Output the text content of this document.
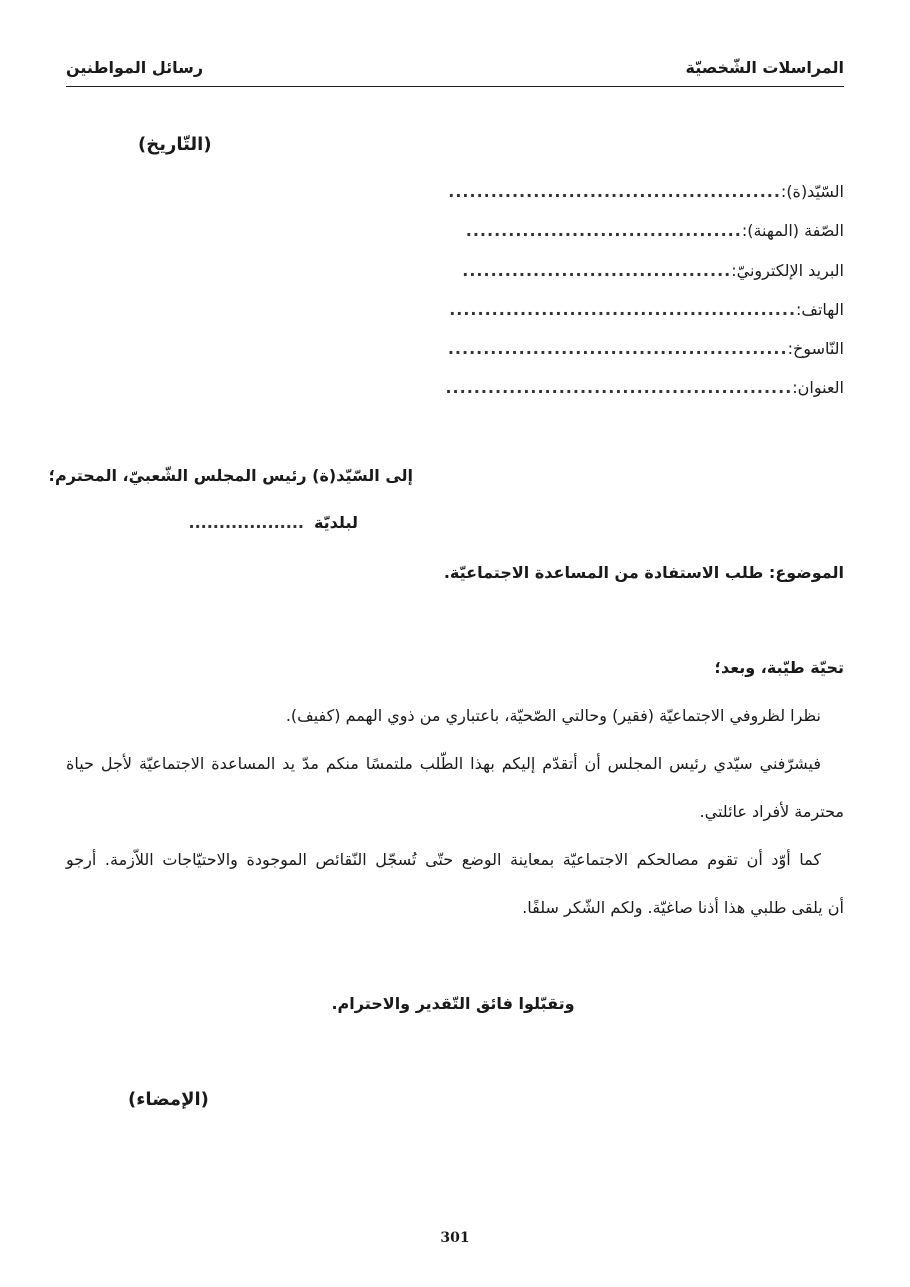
المراسلات الشّخصيّة
رسائل المواطنين
(التّاريخ)
السّيّد(ة):...............................................
الصّفة (المهنة):.......................................
البريد الإلكترونيّ:......................................
الهاتف:.................................................
النّاسوخ:................................................
العنوان:.................................................
إلى السّيّد(ة) رئيس المجلس الشّعبيّ، المحترم؛
لبلديّة...................
الموضوع: طلب الاستفادة من المساعدة الاجتماعيّة.
تحيّة طيّبة، وبعد؛
نظرا لظروفي الاجتماعيّة (فقير) وحالتي الصّحيّة، باعتباري من ذوي الهمم (كفيف).
فيشرّفني سيّدي رئيس المجلس أن أتقدّم إليكم بهذا الطّلب ملتمسًا منكم مدّ يد المساعدة الاجتماعيّة لأجل حياة
محترمة لأفراد عائلتي.
كما أوّد أن تقوم مصالحكم الاجتماعيّة بمعاينة الوضع حتّى تُسجّل النّقائص الموجودة والاحتيّاجات اللاّزمة. أرجو
أن يلقى طلبي هذا أذنا صاغيّة. ولكم الشّكر سلفًا.
وتقبّلوا فائق التّقدير والاحترام.
(الإمضاء)
301
